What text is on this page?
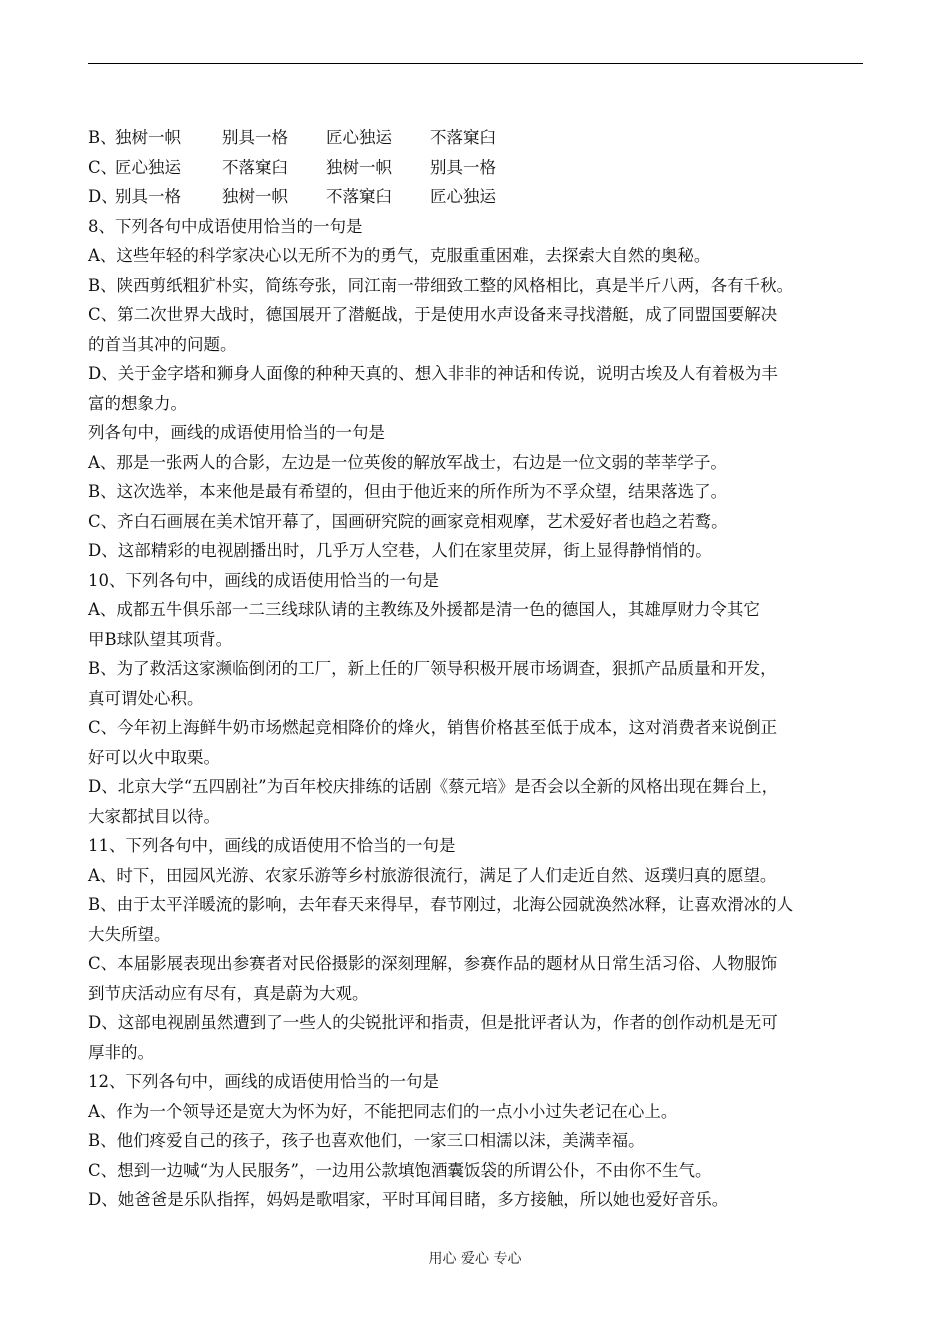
B、独树一帜 别具一格 匠心独运 不落窠臼
C、匠心独运 不落窠臼 独树一帜 别具一格
D、别具一格 独树一帜 不落窠臼 匠心独运
8、下列各句中成语使用恰当的一句是
A、这些年轻的科学家决心以无所不为的勇气，克服重重困难，去探索大自然的奥秘。
B、陕西剪纸粗犷朴实，简练夸张，同江南一带细致工整的风格相比，真是半斤八两，各有千秋。
C、第二次世界大战时，德国展开了潜艇战，于是使用水声设备来寻找潜艇，成了同盟国要解决
的首当其冲的问题。
D、关于金字塔和狮身人面像的种种天真的、想入非非的神话和传说，说明古埃及人有着极为丰
富的想象力。
列各句中，画线的成语使用恰当的一句是
A、那是一张两人的合影，左边是一位英俊的解放军战士，右边是一位文弱的莘莘学子。
B、这次选举，本来他是最有希望的，但由于他近来的所作所为不孚众望，结果落选了。
C、齐白石画展在美术馆开幕了，国画研究院的画家竞相观摩，艺术爱好者也趋之若鹜。
D、这部精彩的电视剧播出时，几乎万人空巷，人们在家里荧屏，街上显得静悄悄的。
10、下列各句中，画线的成语使用恰当的一句是
A、成都五牛俱乐部一二三线球队请的主教练及外援都是清一色的德国人，其雄厚财力令其它
甲B球队望其项背。
B、为了救活这家濒临倒闭的工厂，新上任的厂领导积极开展市场调查，狠抓产品质量和开发，
真可谓处心积。
C、今年初上海鲜牛奶市场燃起竞相降价的烽火，销售价格甚至低于成本，这对消费者来说倒正
好可以火中取栗。
D、北京大学“五四剧社”为百年校庆排练的话剧《蔡元培》是否会以全新的风格出现在舞台上，
大家都拭目以待。
11、下列各句中，画线的成语使用不恰当的一句是
A、时下，田园风光游、农家乐游等乡村旅游很流行，满足了人们走近自然、返璞归真的愿望。
B、由于太平洋暖流的影响，去年春天来得早，春节刚过，北海公园就涣然冰释，让喜欢滑冰的人
大失所望。
C、本届影展表现出参赛者对民俗摄影的深刻理解，参赛作品的题材从日常生活习俗、人物服饰
到节庆活动应有尽有，真是蔚为大观。
D、这部电视剧虽然遭到了一些人的尖锐批评和指责，但是批评者认为，作者的创作动机是无可
厚非的。
12、下列各句中，画线的成语使用恰当的一句是
A、作为一个领导还是宽大为怀为好，不能把同志们的一点小小过失老记在心上。
B、他们疼爱自己的孩子，孩子也喜欢他们，一家三口相濡以沫，美满幸福。
C、想到一边喊“为人民服务”，一边用公款填饱酒囊饭袋的所谓公仆，不由你不生气。
D、她爸爸是乐队指挥，妈妈是歌唱家，平时耳闻目睹，多方接触，所以她也爱好音乐。
用心 爱心 专心
